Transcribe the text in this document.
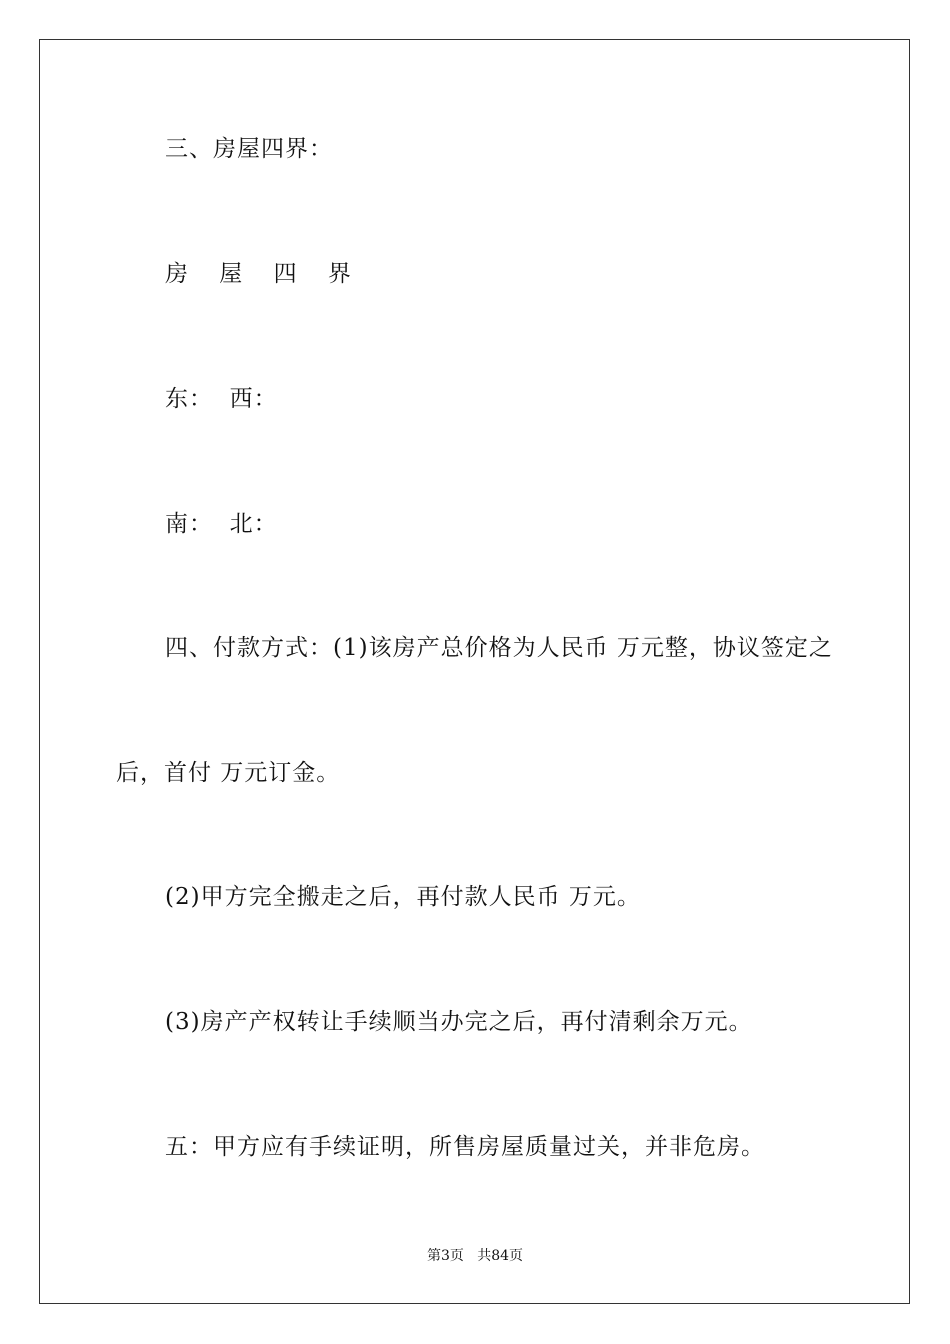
三、房屋四界：
房 屋 四 界
东：  西：
南：  北：
四、付款方式：(1)该房产总价格为人民币 万元整，协议签定之
后，首付 万元订金。
(2)甲方完全搬走之后，再付款人民币 万元。
(3)房产产权转让手续顺当办完之后，再付清剩余万元。
五：甲方应有手续证明，所售房屋质量过关，并非危房。
第3页   共84页
